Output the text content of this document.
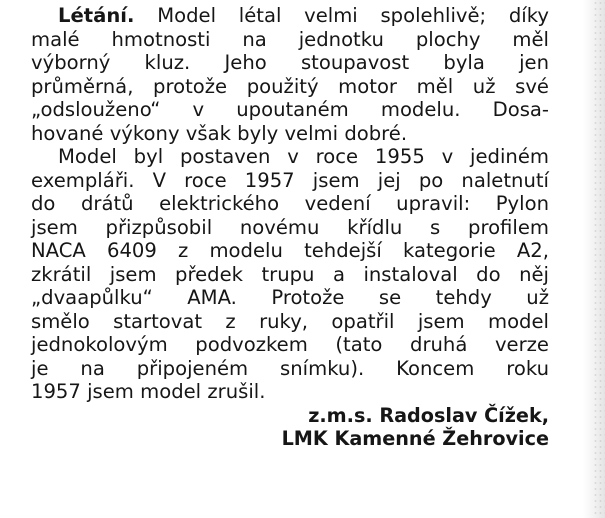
Létání. Model létal velmi spolehlivě; díky
malé hmotnosti na jednotku plochy měl
výborný kluz. Jeho stoupavost byla jen
průměrná, protože použitý motor měl už své
„odslouženo“ v upoutaném modelu. Dosa-
hované výkony však byly velmi dobré.
Model byl postaven v roce 1955 v jediném
exempláři. V roce 1957 jsem jej po naletnutí
do drátů elektrického vedení upravil: Pylon
jsem přizpůsobil novému křídlu s profilem
NACA 6409 z modelu tehdejší kategorie A2,
zkrátil jsem předek trupu a instaloval do něj
„dvaapůlku“ AMA. Protože se tehdy už
smělo startovat z ruky, opatřil jsem model
jednokolovým podvozkem (tato druhá verze
je na připojeném snímku). Koncem roku
1957 jsem model zrušil.
z.m.s. Radoslav Čížek,
LMK Kamenné Žehrovice
